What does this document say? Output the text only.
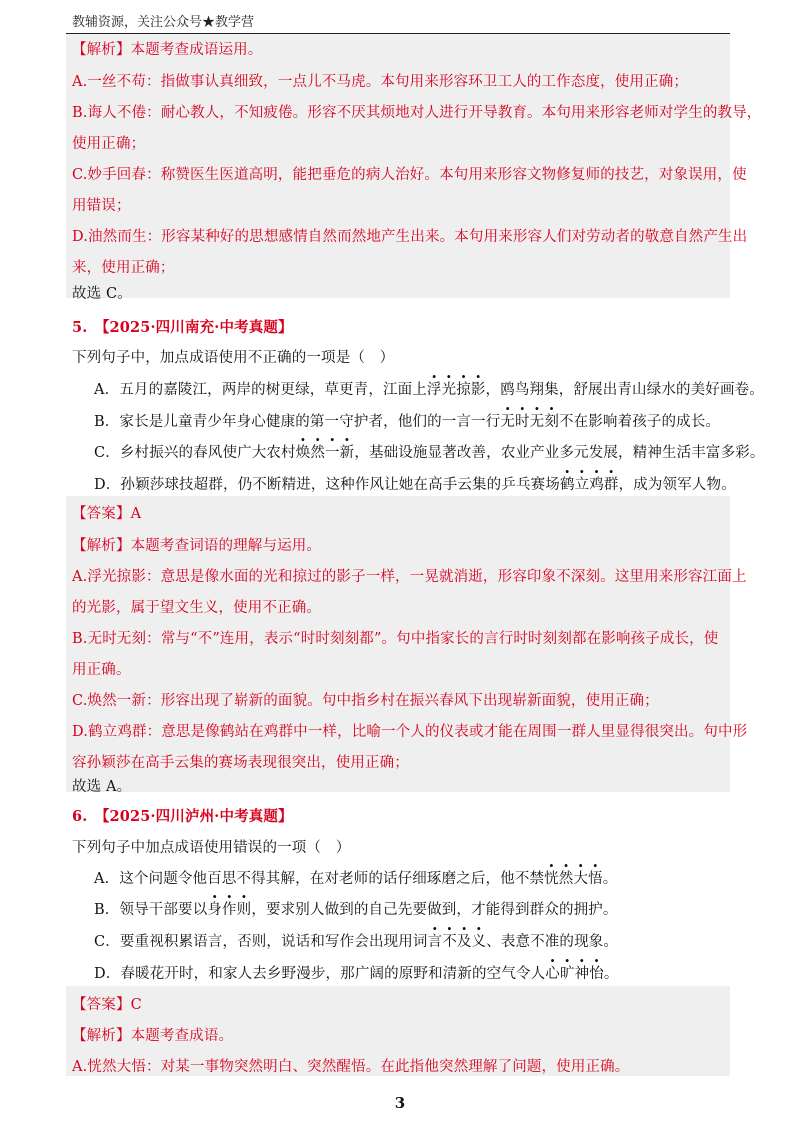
教辅资源，关注公众号★教学营
【解析】本题考查成语运用。
A.一丝不苟：指做事认真细致，一点儿不马虎。本句用来形容环卫工人的工作态度，使用正确；
B.诲人不倦：耐心教人，不知疲倦。形容不厌其烦地对人进行开导教育。本句用来形容老师对学生的教导，
使用正确；
C.妙手回春：称赞医生医道高明，能把垂危的病人治好。本句用来形容文物修复师的技艺，对象误用，使
用错误；
D.油然而生：形容某种好的思想感情自然而然地产生出来。本句用来形容人们对劳动者的敬意自然产生出
来，使用正确；
故选 C。
5.　【2025·四川南充·中考真题】
下列句子中，加点成语使用不正确的一项是（　）
A．五月的嘉陵江，两岸的树更绿，草更青，江面上浮光掠影，鸥鸟翔集，舒展出青山绿水的美好画卷。
B．家长是儿童青少年身心健康的第一守护者，他们的一言一行无时无刻不在影响着孩子的成长。
C．乡村振兴的春风使广大农村焕然一新，基础设施显著改善，农业产业多元发展，精神生活丰富多彩。
D．孙颖莎球技超群，仍不断精进，这种作风让她在高手云集的乒乓赛场鹤立鸡群，成为领军人物。
【答案】A
【解析】本题考查词语的理解与运用。
A.浮光掠影：意思是像水面的光和掠过的影子一样，一晃就消逝，形容印象不深刻。这里用来形容江面上
的光影，属于望文生义，使用不正确。
B.无时无刻：常与“不”连用，表示“时时刻刻都”。句中指家长的言行时时刻刻都在影响孩子成长，使
用正确。
C.焕然一新：形容出现了崭新的面貌。句中指乡村在振兴春风下出现崭新面貌，使用正确；
D.鹤立鸡群：意思是像鹤站在鸡群中一样，比喻一个人的仪表或才能在周围一群人里显得很突出。句中形
容孙颖莎在高手云集的赛场表现很突出，使用正确；
故选 A。
6.　【2025·四川泸州·中考真题】
下列句子中加点成语使用错误的一项（　）
A．这个问题令他百思不得其解，在对老师的话仔细琢磨之后，他不禁恍然大悟。
B．领导干部要以身作则，要求别人做到的自己先要做到，才能得到群众的拥护。
C．要重视积累语言，否则，说话和写作会出现用词言不及义、表意不准的现象。
D．春暖花开时，和家人去乡野漫步，那广阔的原野和清新的空气令人心旷神怡。
【答案】C
【解析】本题考查成语。
A.恍然大悟：对某一事物突然明白、突然醒悟。在此指他突然理解了问题，使用正确。
3
